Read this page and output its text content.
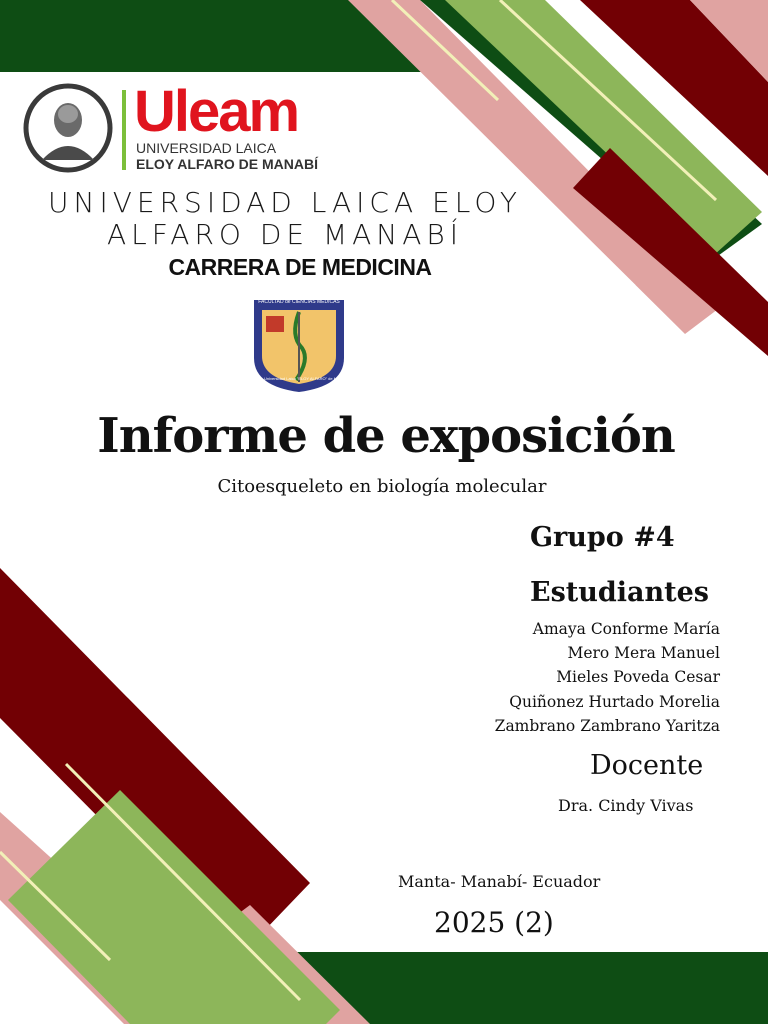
Uleam
UNIVERSIDAD LAICA
ELOY ALFARO DE MANABÍ
UNIVERSIDAD LAICA ELOY
ALFARO DE MANABÍ
CARRERA DE MEDICINA
FACULTAD de CIENCIAS MÉDICAS
Universidad Laica "ELOY ALFARO" de Manabí
Informe de exposición
Citoesqueleto en biología molecular
Grupo #4
Estudiantes
Amaya Conforme María
Mero Mera Manuel
Mieles Poveda Cesar
Quiñonez Hurtado Morelia
Zambrano Zambrano Yaritza
Docente
Dra. Cindy Vivas
Manta- Manabí- Ecuador
2025 (2)
